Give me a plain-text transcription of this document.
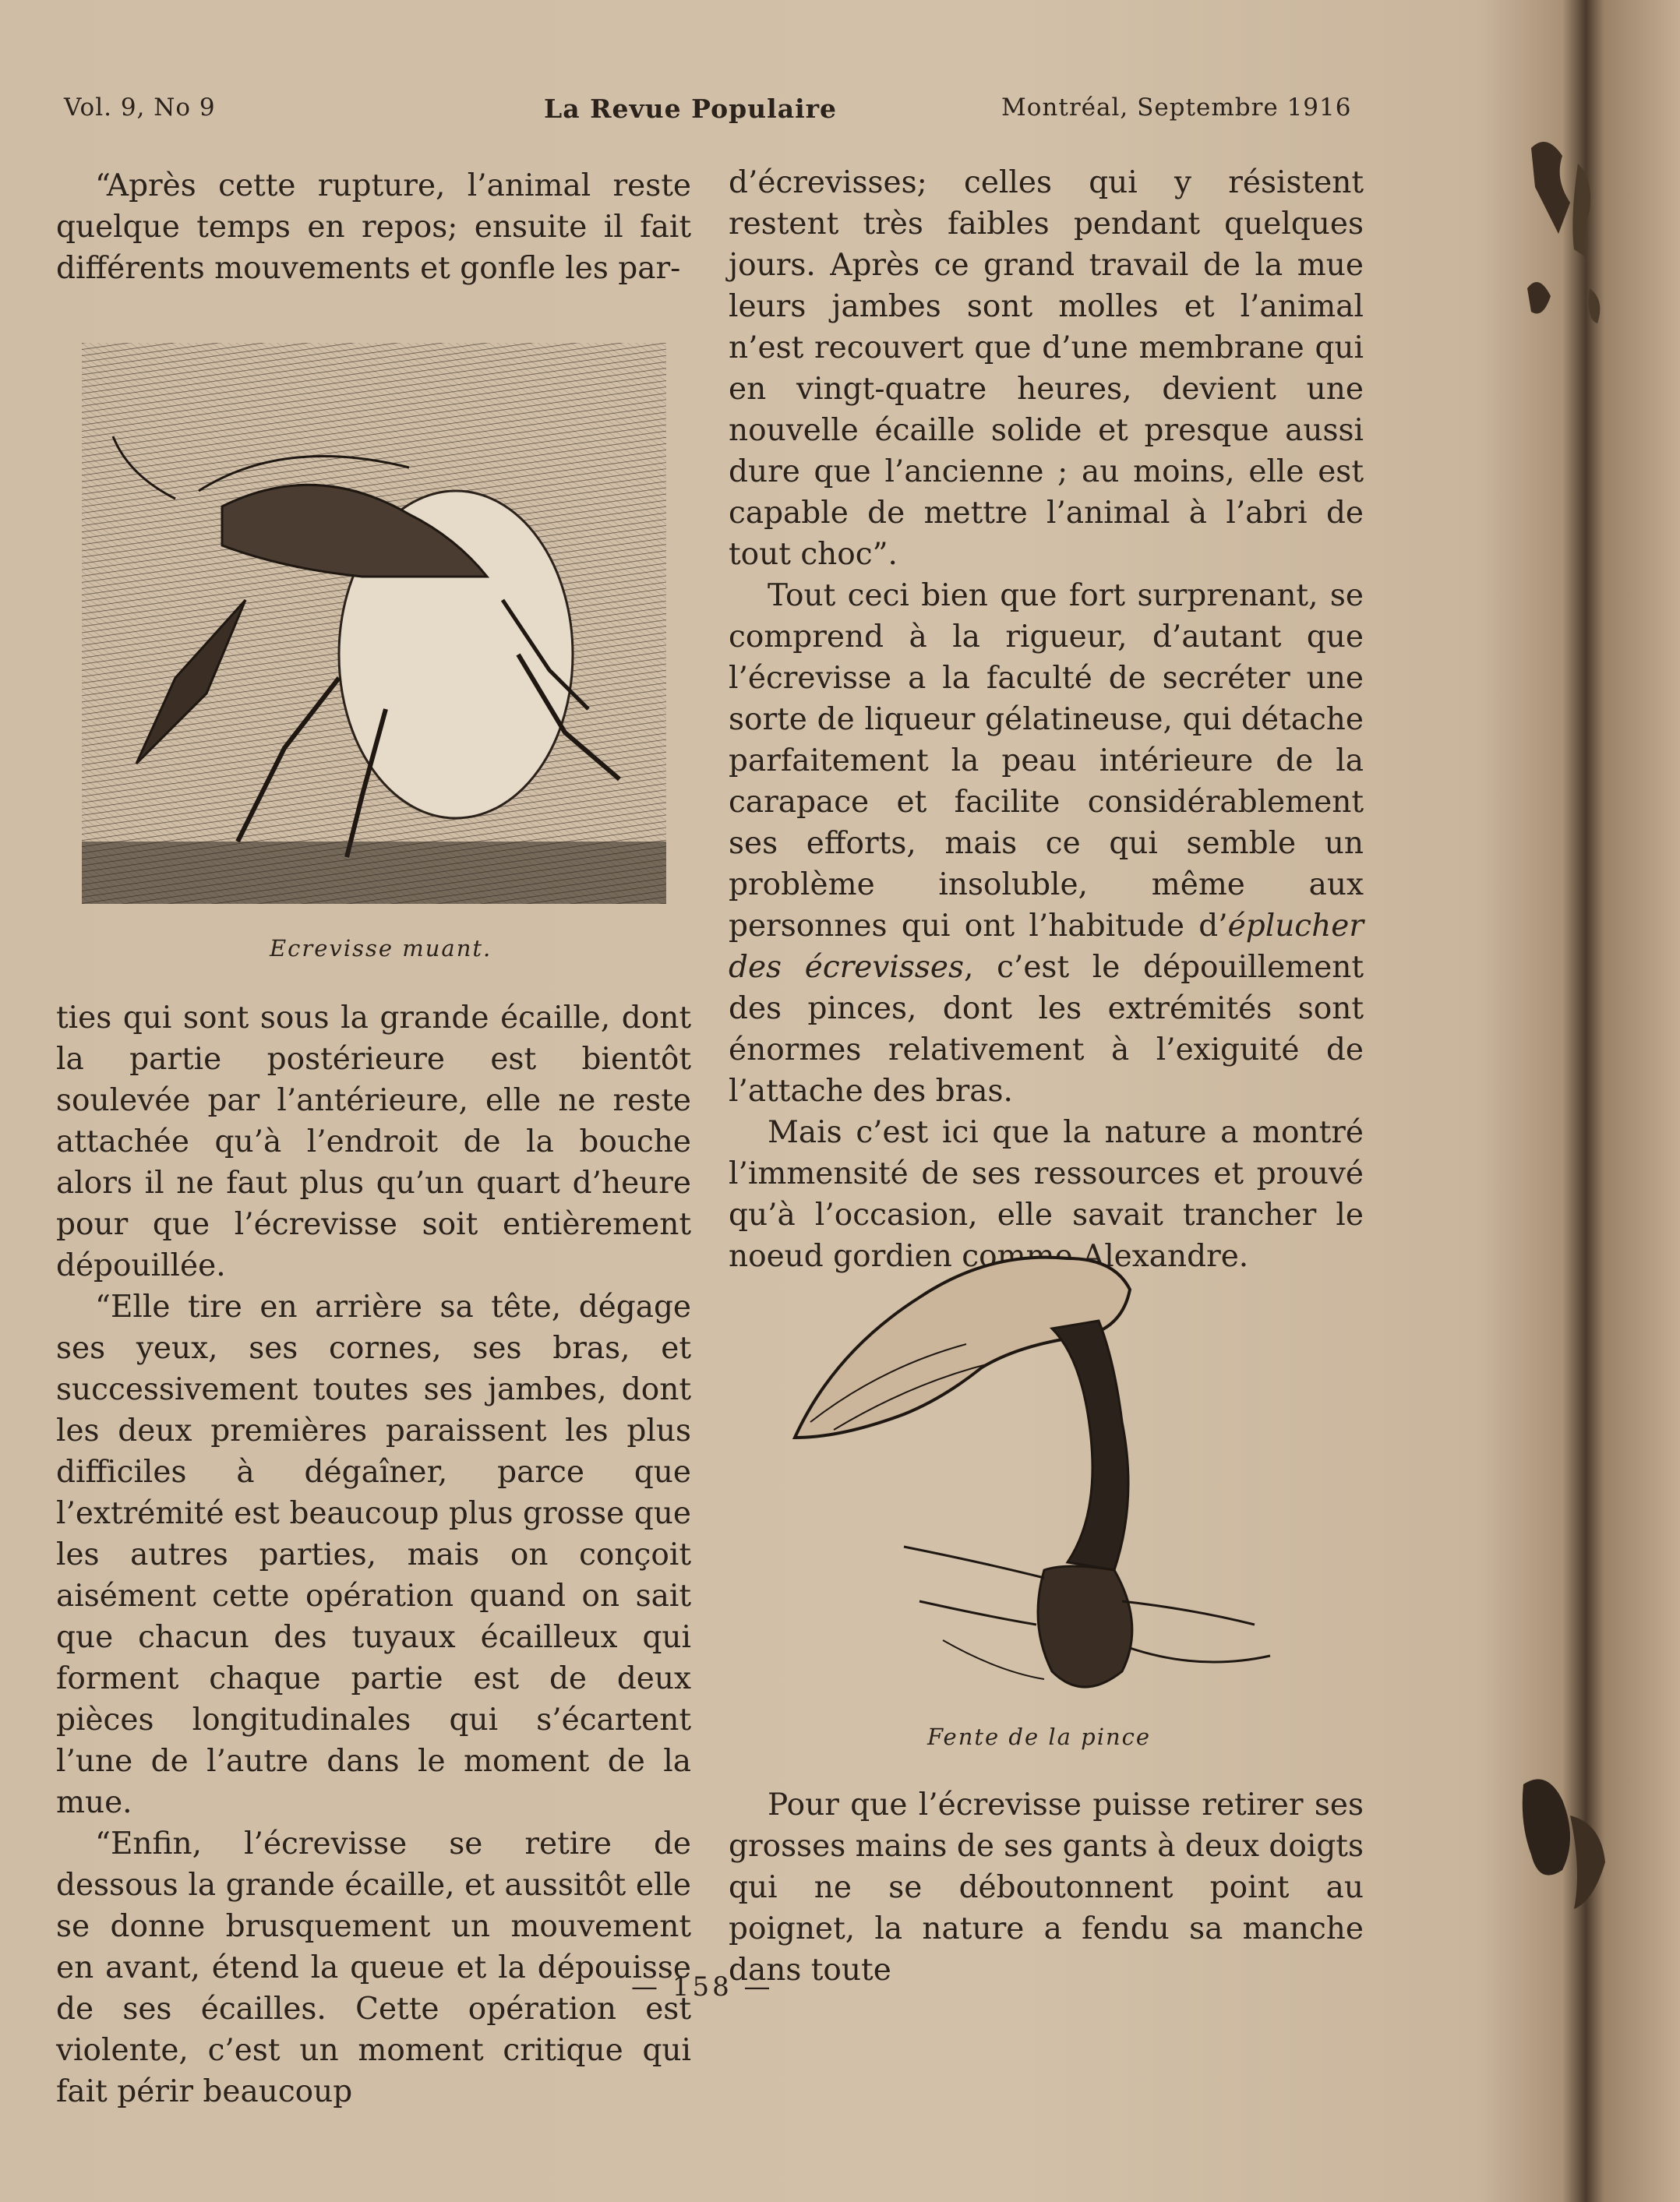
Vol. 9, No 9	La Revue Populaire	Montréal, Septembre 1916

“Après cette rupture, l’animal reste quelque temps en repos; ensuite il fait différents mouvements et gonfle les par-

Ecrevisse muant.

ties qui sont sous la grande écaille, dont la partie postérieure est bientôt soulevée par l’antérieure, elle ne reste attachée qu’à l’endroit de la bouche alors il ne faut plus qu’un quart d’heure pour que l’écrevisse soit entièrement dépouillée.

“Elle tire en arrière sa tête, dégage ses yeux, ses cornes, ses bras, et successivement toutes ses jambes, dont les deux premières paraissent les plus difficiles à dégaîner, parce que l’extrémité est beaucoup plus grosse que les autres parties, mais on conçoit aisément cette opération quand on sait que chacun des tuyaux écailleux qui forment chaque partie est de deux pièces longitudinales qui s’écartent l’une de l’autre dans le moment de la mue.

“Enfin, l’écrevisse se retire de dessous la grande écaille, et aussitôt elle se donne brusquement un mouvement en avant, étend la queue et la dépouisse de ses écailles. Cette opération est violente, c’est un moment critique qui fait périr beaucoup

d’écrevisses; celles qui y résistent restent très faibles pendant quelques jours. Après ce grand travail de la mue leurs jambes sont molles et l’animal n’est recouvert que d’une membrane qui en vingt-quatre heures, devient une nouvelle écaille solide et presque aussi dure que l’ancienne ; au moins, elle est capable de mettre l’animal à l’abri de tout choc”.

Tout ceci bien que fort surprenant, se comprend à la rigueur, d’autant que l’écrevisse a la faculté de secréter une sorte de liqueur gélatineuse, qui détache parfaitement la peau intérieure de la carapace et facilite considérablement ses efforts, mais ce qui semble un problème insoluble, même aux personnes qui ont l’habitude d’éplucher des écrevisses, c’est le dépouillement des pinces, dont les extrémités sont énormes relativement à l’exiguité de l’attache des bras.

Mais c’est ici que la nature a montré l’immensité de ses ressources et prouvé qu’à l’occasion, elle savait trancher le noeud gordien comme Alexandre.

Fente de la pince

Pour que l’écrevisse puisse retirer ses grosses mains de ses gants à deux doigts qui ne se déboutonnent point au poignet, la nature a fendu sa manche dans toute

— 158 —
